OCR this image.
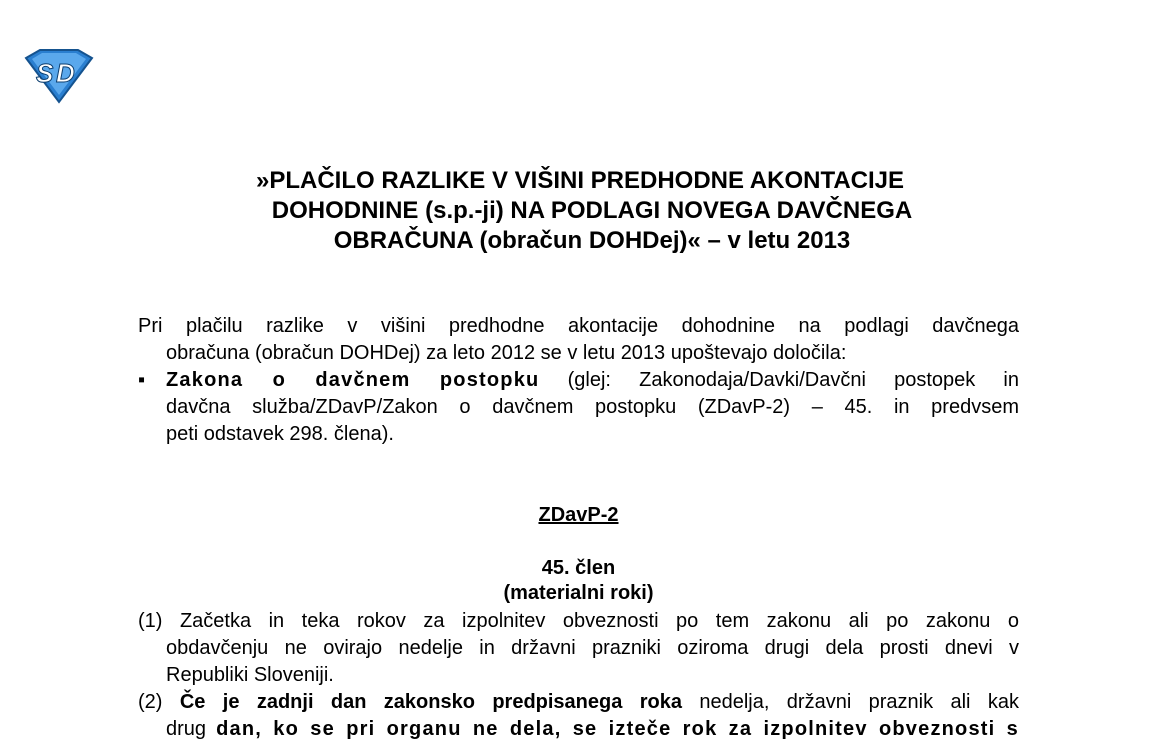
S D
»PLAČILO RAZLIKE V VIŠINI PREDHODNE AKONTACIJE
DOHODNINE (s.p.-ji) NA PODLAGI NOVEGA DAVČNEGA
OBRAČUNA (obračun DOHDej)« – v letu 2013
Pri plačilu razlike v višini predhodne akontacije dohodnine na podlagi davčnega
obračuna (obračun DOHDej) za leto 2012 se v letu 2013 upoštevajo določila:
▪	Zakona o davčnem postopku (glej: Zakonodaja/Davki/Davčni postopek in
davčna služba/ZDavP/Zakon o davčnem postopku (ZDavP-2) – 45. in predvsem
peti odstavek 298. člena).
ZDavP-2
45. člen
(materialni roki)
(1) Začetka in teka rokov za izpolnitev obveznosti po tem zakonu ali po zakonu o
obdavčenju ne ovirajo nedelje in državni prazniki oziroma drugi dela prosti dnevi v
Republiki Sloveniji.
(2) Če je zadnji dan zakonsko predpisanega roka nedelja, državni praznik ali kak
drug dan, ko se pri organu ne dela, se izteče rok za izpolnitev obveznosti s
